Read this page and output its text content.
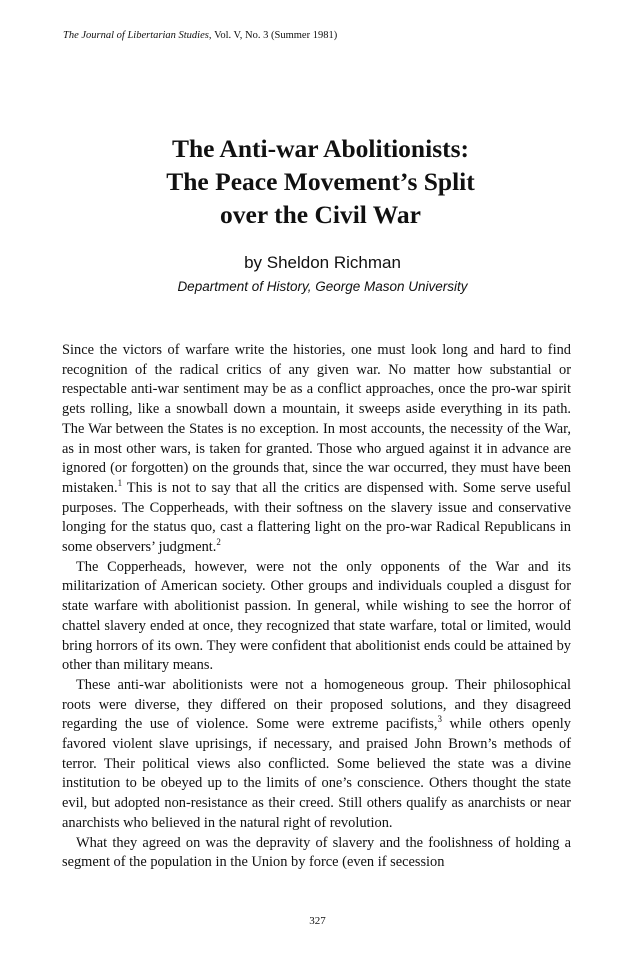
The Journal of Libertarian Studies, Vol. V, No. 3 (Summer 1981)
The Anti-war Abolitionists:
The Peace Movement’s Split
over the Civil War
by Sheldon Richman
Department of History, George Mason University

Since the victors of warfare write the histories, one must look long and hard to find recognition of the radical critics of any given war. No matter how substantial or respectable anti-war sentiment may be as a conflict approaches, once the pro-war spirit gets rolling, like a snowball down a mountain, it sweeps aside everything in its path. The War between the States is no exception. In most accounts, the necessity of the War, as in most other wars, is taken for granted. Those who argued against it in advance are ignored (or forgotten) on the grounds that, since the war occurred, they must have been mistaken.$^1$ This is not to say that all the critics are dispensed with. Some serve useful purposes. The Copperheads, with their softness on the slavery issue and conservative longing for the status quo, cast a flattering light on the pro-war Radical Republicans in some observers’ judgment.$^2$

The Copperheads, however, were not the only opponents of the War and its militarization of American society. Other groups and individuals coupled a disgust for state warfare with abolitionist passion. In general, while wishing to see the horror of chattel slavery ended at once, they recognized that state warfare, total or limited, would bring horrors of its own. They were confident that abolitionist ends could be attained by other than military means.

These anti-war abolitionists were not a homogeneous group. Their philosophical roots were diverse, they differed on their proposed solutions, and they disagreed regarding the use of violence. Some were extreme pacifists,$^3$ while others openly favored violent slave uprisings, if necessary, and praised John Brown’s methods of terror. Their political views also conflicted. Some believed the state was a divine institution to be obeyed up to the limits of one’s conscience. Others thought the state evil, but adopted non-resistance as their creed. Still others qualify as anarchists or near anarchists who believed in the natural right of revolution.

What they agreed on was the depravity of slavery and the foolishness of holding a segment of the population in the Union by force (even if secession

327
